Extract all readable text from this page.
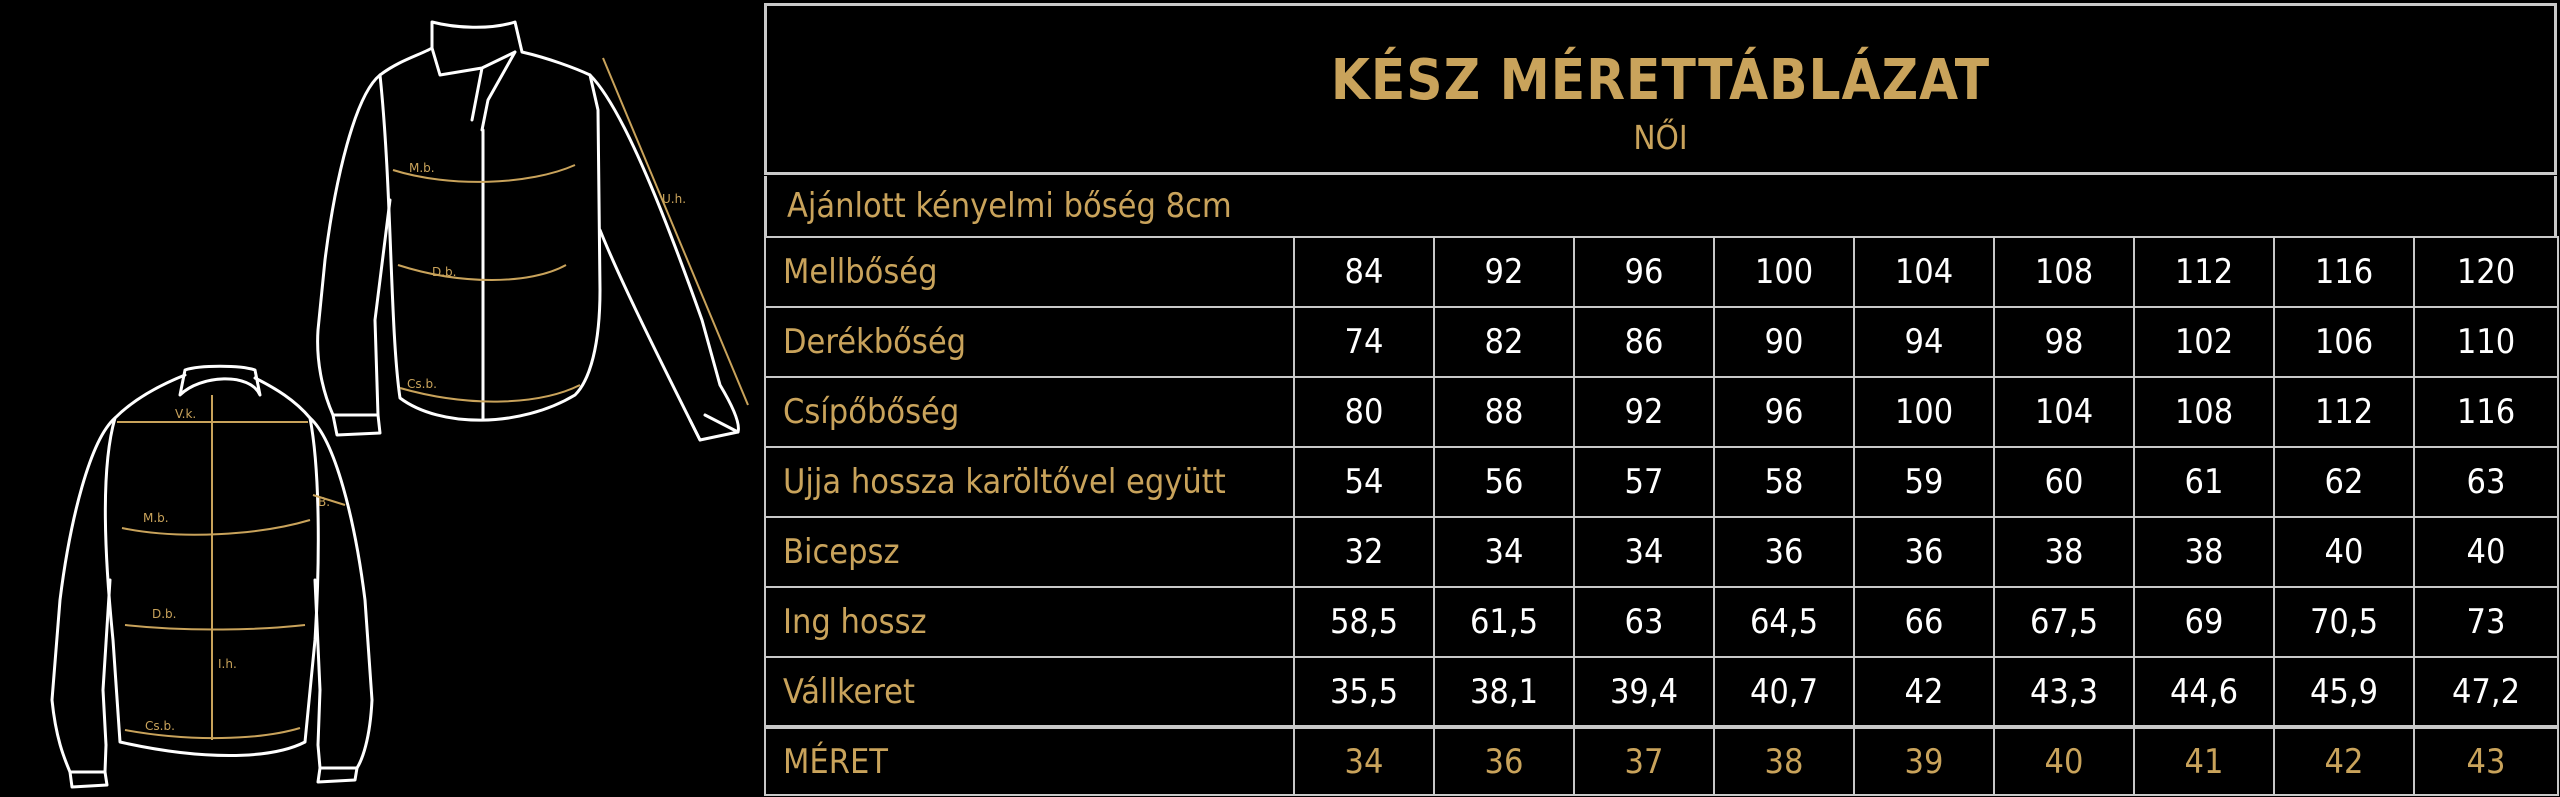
M.b.
D.b.
Cs.b.
U.h.
V.k.
B.
M.b.
D.b.
I.h.
Cs.b.
KÉSZ MÉRETTÁBLÁZAT
NŐI
Ajánlott kényelmi bőség 8cm
Mellbőség	84	92	96	100	104	108	112	116	120
Derékbőség	74	82	86	90	94	98	102	106	110
Csípőbőség	80	88	92	96	100	104	108	112	116
Ujja hossza karöltővel együtt	54	56	57	58	59	60	61	62	63
Bicepsz	32	34	34	36	36	38	38	40	40
Ing hossz	58,5	61,5	63	64,5	66	67,5	69	70,5	73
Vállkeret	35,5	38,1	39,4	40,7	42	43,3	44,6	45,9	47,2
MÉRET	34	36	37	38	39	40	41	42	43
